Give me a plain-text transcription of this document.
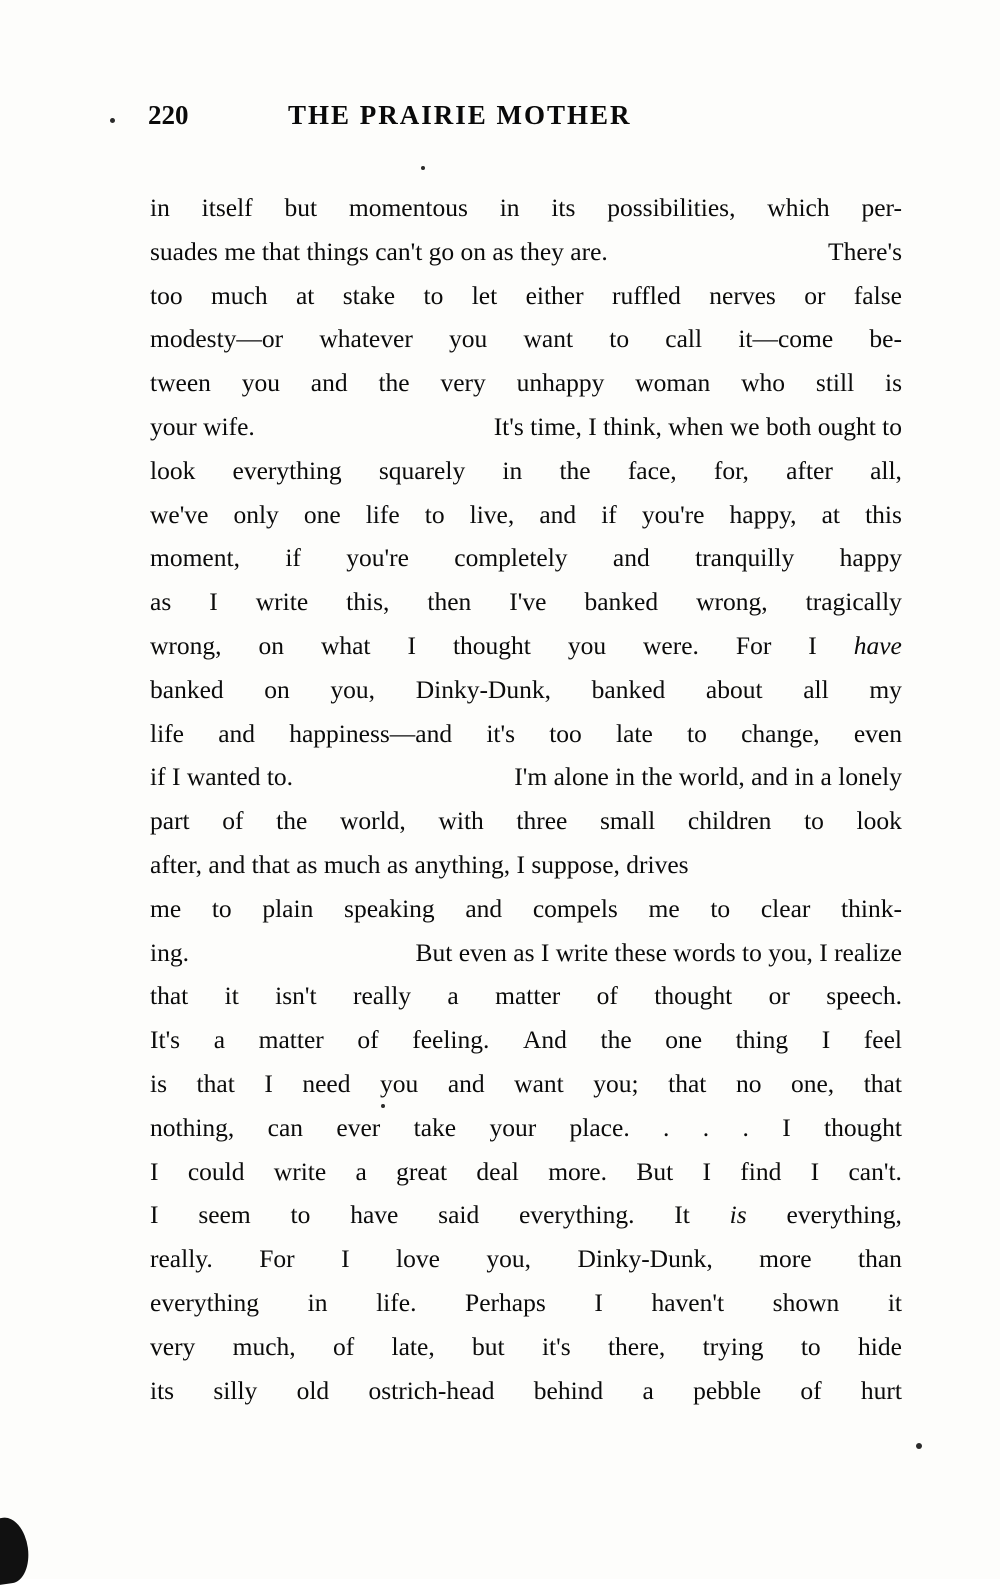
220	THE PRAIRIE MOTHER

in itself but momentous in its possibilities, which per-
suades me that things can't go on as they are.	There's
too much at stake to let either ruffled nerves or false
modesty—or whatever you want to call it—come be-
tween you and the very unhappy woman who still is
your wife.	It's time, I think, when we both ought to
look everything squarely in the face, for, after all,
we've only one life to live, and if you're happy, at this
moment, if you're completely and tranquilly happy
as I write this, then I've banked wrong, tragically
wrong, on what I thought you were. For I have
banked on you, Dinky-Dunk, banked about all my
life and happiness—and it's too late to change, even
if I wanted to.	I'm alone in the world, and in a lonely
part of the world, with three small children to look
after, and that as much as anything, I suppose, drives
me to plain speaking and compels me to clear think-
ing.	But even as I write these words to you, I realize
that it isn't really a matter of thought or speech.
It's a matter of feeling. And the one thing I feel
is that I need you and want you; that no one, that
nothing, can ever take your place. . . . I thought
I could write a great deal more. But I find I can't.
I seem to have said everything. It is everything,
really. For I love you, Dinky-Dunk, more than
everything in life. Perhaps I haven't shown it
very much, of late, but it's there, trying to hide
its silly old ostrich-head behind a pebble of hurt
